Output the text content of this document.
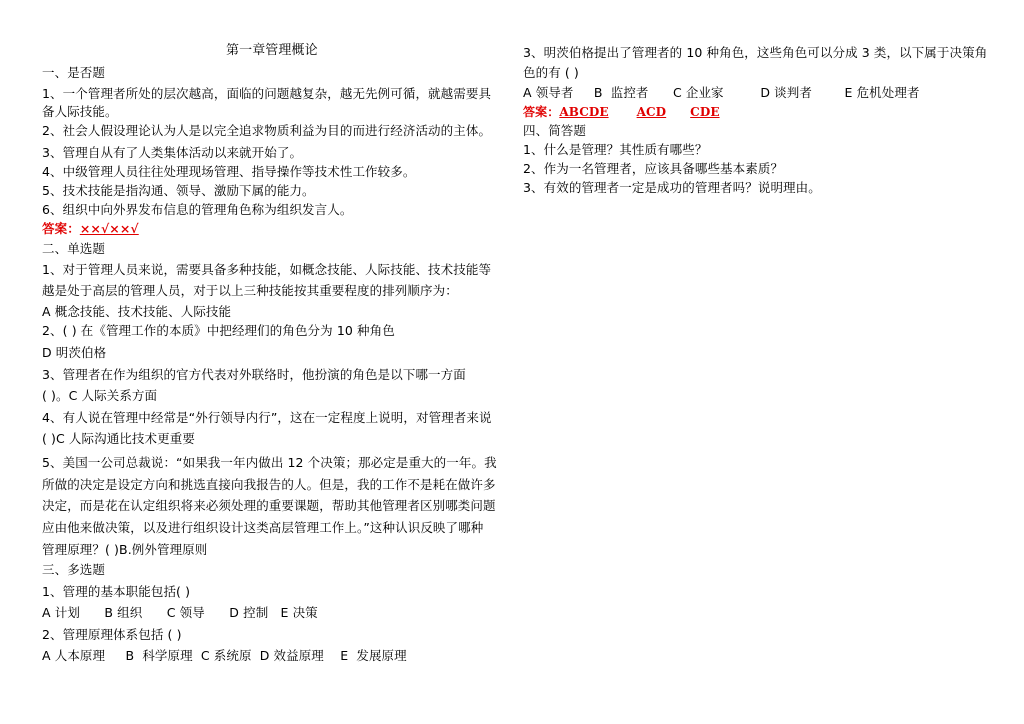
第一章管理概论
一、是否题
1、一个管理者所处的层次越高，面临的问题越复杂，越无先例可循，就越需要具
备人际技能。
2、社会人假设理论认为人是以完全追求物质利益为目的而进行经济活动的主体。
3、管理自从有了人类集体活动以来就开始了。
4、中级管理人员往往处理现场管理、指导操作等技术性工作较多。
5、技术技能是指沟通、领导、激励下属的能力。
6、组织中向外界发布信息的管理角色称为组织发言人。
答案：××√××√
二、单选题
1、对于管理人员来说，需要具备多种技能，如概念技能、人际技能、技术技能等
越是处于高层的管理人员，对于以上三种技能按其重要程度的排列顺序为：
A 概念技能、技术技能、人际技能
2、( ) 在《管理工作的本质》中把经理们的角色分为 10 种角色
D 明茨伯格
3、管理者在作为组织的官方代表对外联络时，他扮演的角色是以下哪一方面
( )。C 人际关系方面
4、有人说在管理中经常是“外行领导内行”，这在一定程度上说明，对管理者来说
( )C 人际沟通比技术更重要
5、美国一公司总裁说：“如果我一年内做出 12 个决策；那必定是重大的一年。我
所做的决定是设定方向和挑选直接向我报告的人。但是，我的工作不是耗在做许多
决定，而是花在认定组织将来必须处理的重要课题，帮助其他管理者区别哪类问题
应由他来做决策，以及进行组织设计这类高层管理工作上。”这种认识反映了哪种
管理原理？( )B.例外管理原则
三、多选题
1、管理的基本职能包括( )
A 计划      B 组织      C 领导      D 控制   E 决策
2、管理原理体系包括 ( )
A 人本原理     B  科学原理  C 系统原  D 效益原理    E  发展原理
3、明茨伯格提出了管理者的 10 种角色，这些角色可以分成 3 类，以下属于决策角
色的有 ( )
A 领导者     B  监控者      C 企业家         D 谈判者        E 危机处理者
答案：ABCDE ACD CDE
四、简答题
1、什么是管理？其性质有哪些？
2、作为一名管理者，应该具备哪些基本素质？
3、有效的管理者一定是成功的管理者吗？说明理由。
